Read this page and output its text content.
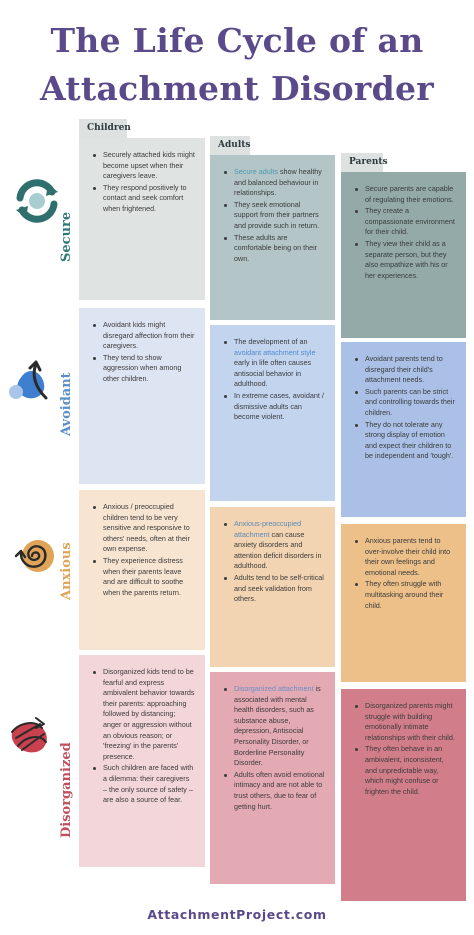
The Life Cycle of an
Attachment Disorder
Children
Adults
Parents
Securely attached kids might become upset when their caregivers leave.
They respond positively to contact and seek comfort when frightened.
Secure adults show healthy and balanced behaviour in relationships.
They seek emotional support from their partners and provide such in return.
These adults are comfortable being on their own.
Secure parents are capable of regulating their emotions.
They create a compassionate environment for their child.
They view their child as a separate person, but they also empathize with his or her experiences.
Avoidant kids might disregard affection from their caregivers.
They tend to show aggression when among other children.
The development of an avoidant attachment style early in life often causes antisocial behavior in adulthood.
In extreme cases, avoidant / dismissive adults can become violent.
Avoidant parents tend to disregard their child's attachment needs.
Such parents can be strict and controlling towards their children.
They do not tolerate any strong display of emotion and expect their children to be independent and 'tough'.
Anxious / preoccupied children tend to be very sensitive and responsive to others' needs, often at their own expense.
They experience distress when their parents leave and are difficult to soothe when the parents return.
Anxious-preoccupied attachment can cause anxiety disorders and attention deficit disorders in adulthood.
Adults tend to be self-critical and seek validation from others.
Anxious parents tend to over-involve their child into their own feelings and emotional needs.
They often struggle with multitasking around their child.
Disorganized kids tend to be fearful and express ambivalent behavior towards their parents: approaching followed by distancing; anger or aggression without an obvious reason; or 'freezing' in the parents' presence.
Such children are faced with a dilemma: their caregivers – the only source of safety – are also a source of fear.
Disorganized attachment is associated with mental health disorders, such as substance abuse, depression, Antisocial Personality Disorder, or Borderline Personality Disorder.
Adults often avoid emotional intimacy and are not able to trust others, due to fear of getting hurt.
Disorganized parents might struggle with building emotionally intimate relationships with their child.
They often behave in an ambivalent, inconsistent, and unpredictable way, which might confuse or frighten the child.
Secure
Avoidant
Anxious
Disorganized
AttachmentProject.com
